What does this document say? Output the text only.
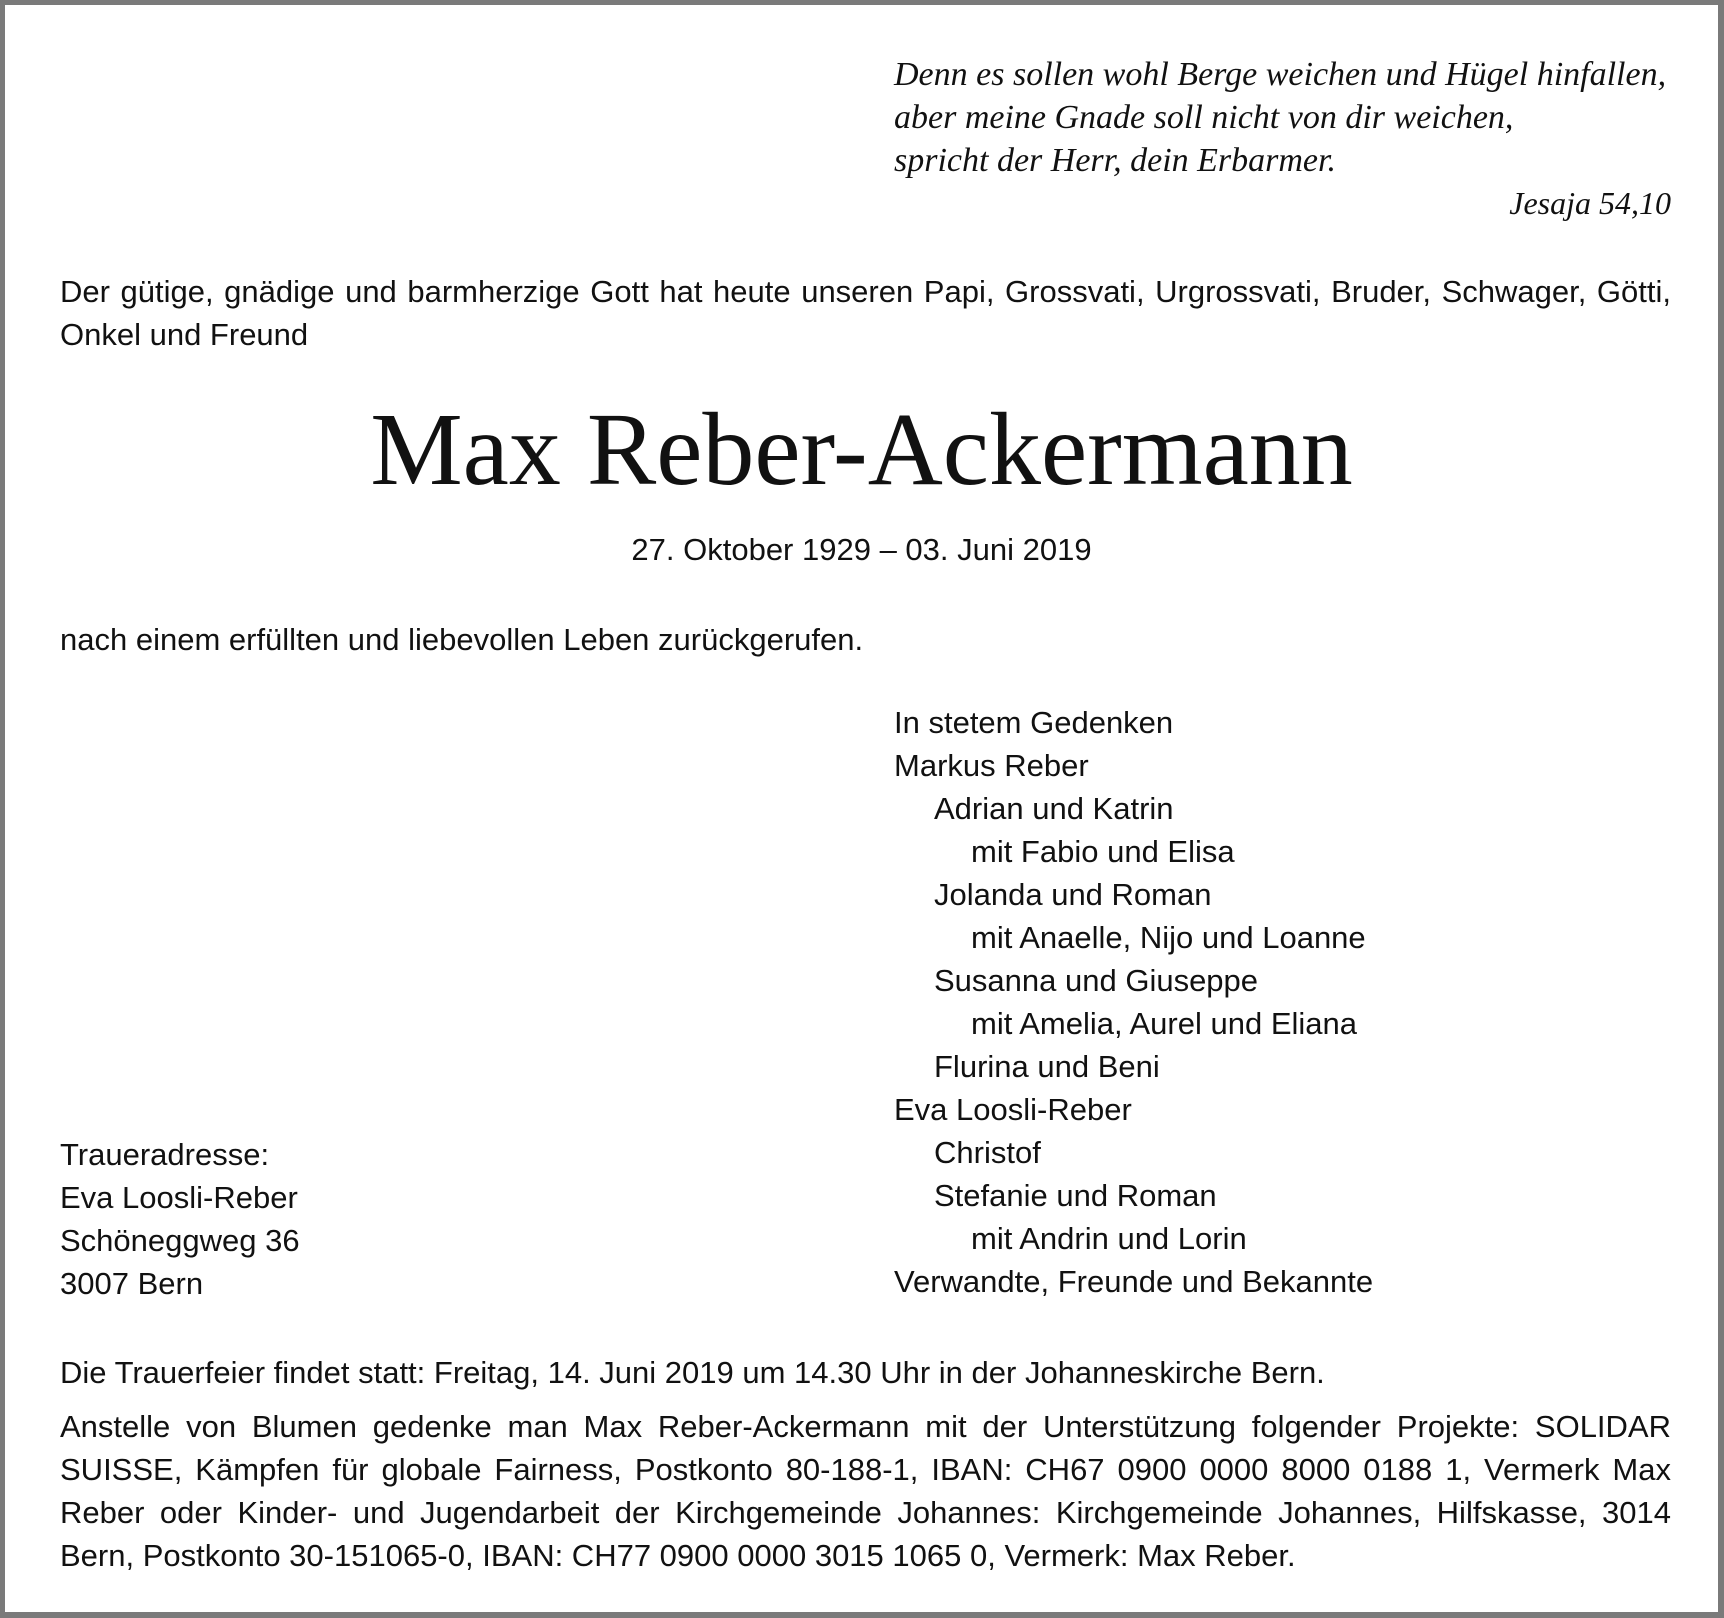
Denn es sollen wohl Berge weichen und Hügel hinfallen,
aber meine Gnade soll nicht von dir weichen,
spricht der Herr, dein Erbarmer.

Jesaja 54,10

Der gütige, gnädige und barmherzige Gott hat heute unseren Papi, Grossvati, Urgrossvati, Bruder, Schwager, Götti, Onkel und Freund

Max Reber-Ackermann

27. Oktober 1929 – 03. Juni 2019

nach einem erfüllten und liebevollen Leben zurückgerufen.

In stetem Gedenken
Markus Reber
Adrian und Katrin
mit Fabio und Elisa
Jolanda und Roman
mit Anaelle, Nijo und Loanne
Susanna und Giuseppe
mit Amelia, Aurel und Eliana
Flurina und Beni
Eva Loosli-Reber
Christof
Stefanie und Roman
mit Andrin und Lorin
Verwandte, Freunde und Bekannte

Traueradresse:
Eva Loosli-Reber
Schöneggweg 36
3007 Bern

Die Trauerfeier findet statt: Freitag, 14. Juni 2019 um 14.30 Uhr in der Johanneskirche Bern.

Anstelle von Blumen gedenke man Max Reber-Ackermann mit der Unterstützung folgender Projekte: SOLIDAR SUISSE, Kämpfen für globale Fairness, Postkonto 80-188-1, IBAN: CH67 0900 0000 8000 0188 1, Vermerk Max Reber oder Kinder- und Jugendarbeit der Kirchgemeinde Johannes: Kirchgemeinde Johannes, Hilfskasse, 3014 Bern, Postkonto 30-151065-0, IBAN: CH77 0900 0000 3015 1065 0, Vermerk: Max Reber.
